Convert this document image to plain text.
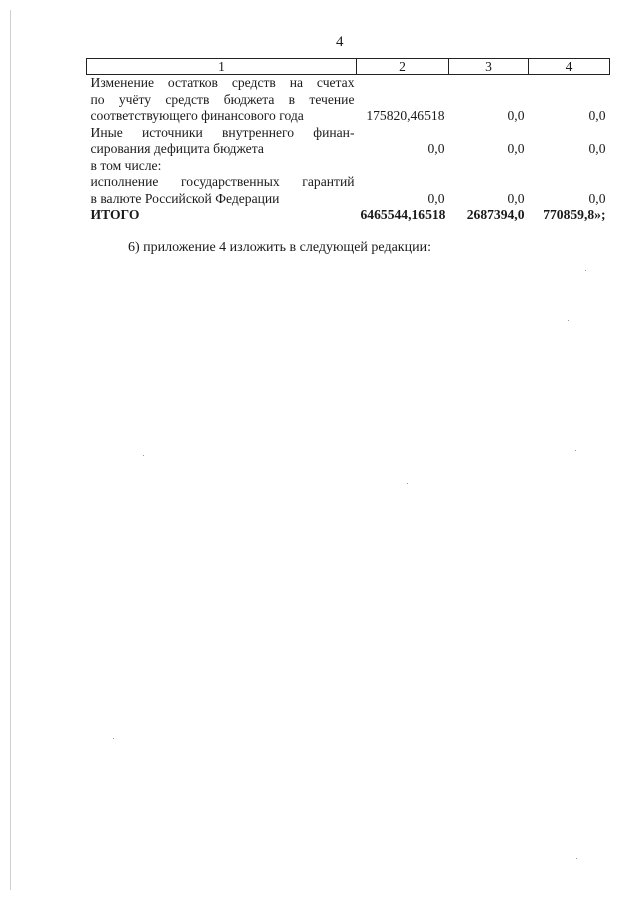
4
1	2	3	4

Изменение остатков средств на счетах
по учёту средств бюджета в течение
соответствующего финансового года	175820,46518	0,0	0,0

Иные источники внутреннего финан-
сирования дефицита бюджета	0,0	0,0	0,0

в том числе:			

исполнение государственных гарантий
в валюте Российской Федерации	0,0	0,0	0,0
ИТОГО	6465544,16518	2687394,0	770859,8»;
6) приложение 4 изложить в следующей редакции:
